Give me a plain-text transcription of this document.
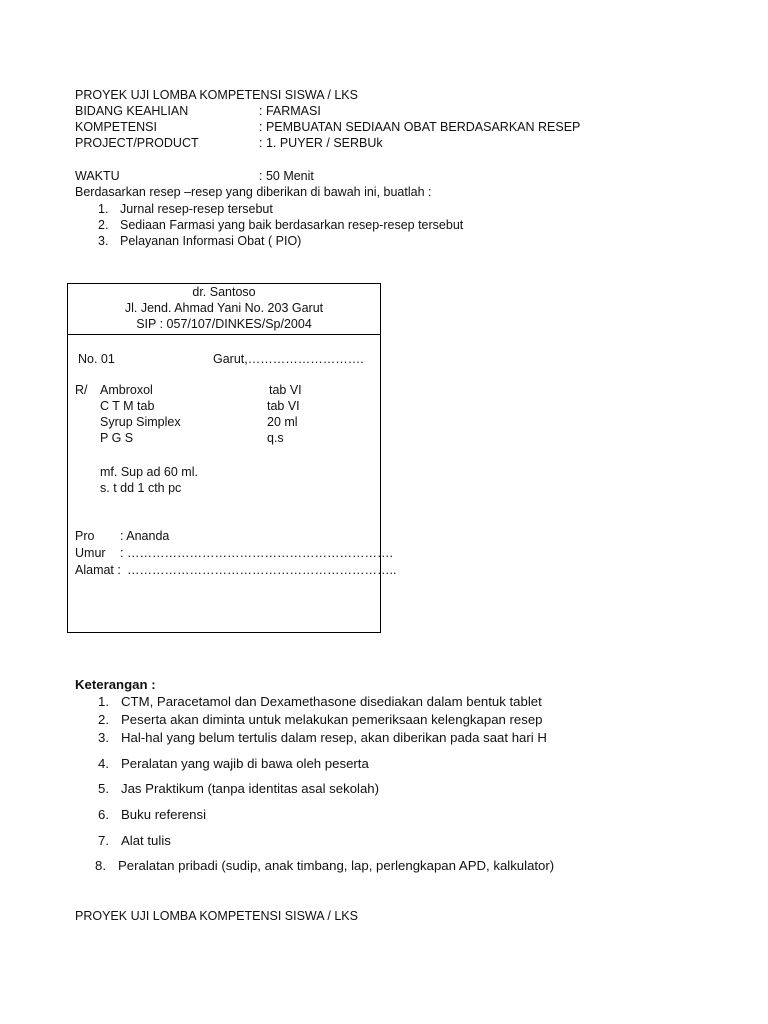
PROYEK UJI LOMBA KOMPETENSI SISWA / LKS
BIDANG KEAHLIAN	: FARMASI
KOMPETENSI	: PEMBUATAN SEDIAAN OBAT BERDASARKAN RESEP
PROJECT/PRODUCT	: 1. PUYER / SERBUk
WAKTU	: 50 Menit
Berdasarkan resep –resep yang diberikan di bawah ini, buatlah :
1. Jurnal resep-resep tersebut
2. Sediaan Farmasi yang baik berdasarkan resep-resep tersebut
3. Pelayanan Informasi Obat ( PIO)
dr. Santoso
Jl. Jend. Ahmad Yani No. 203 Garut
SIP : 057/107/DINKES/Sp/2004
No. 01	Garut,……………………….
R/ Ambroxol	tab VI
C T M tab	tab VI
Syrup Simplex	20 ml
P G S	q.s
mf. Sup ad 60 ml.
s. t dd 1 cth pc
Pro : Ananda
Umur : ……………………………………………………….
Alamat : ………………………………………………………..
Keterangan :
1. CTM, Paracetamol dan Dexamethasone disediakan dalam bentuk tablet
2. Peserta akan diminta untuk melakukan pemeriksaan kelengkapan resep
3. Hal-hal yang belum tertulis dalam resep, akan diberikan pada saat hari H
4. Peralatan yang wajib di bawa oleh peserta
5. Jas Praktikum (tanpa identitas asal sekolah)
6. Buku referensi
7. Alat tulis
8. Peralatan pribadi (sudip, anak timbang, lap, perlengkapan APD, kalkulator)
PROYEK UJI LOMBA KOMPETENSI SISWA / LKS
